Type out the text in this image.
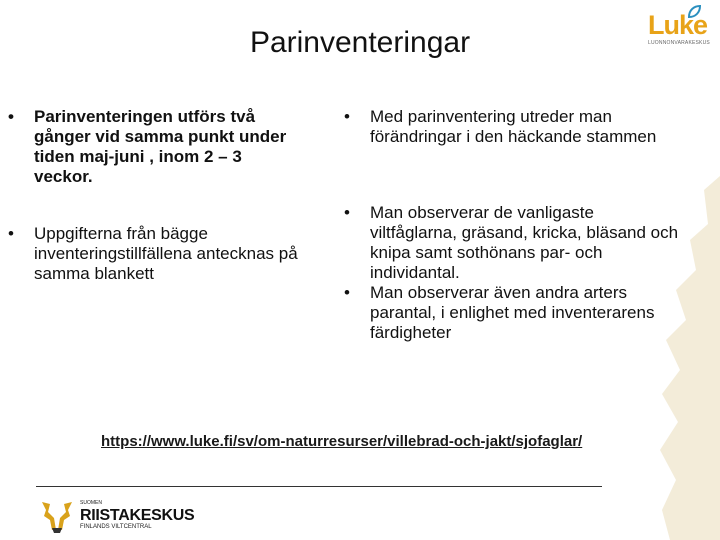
Parinventeringar
Luke
LUONNONVARAKESKUS
• Parinventeringen utförs två gånger vid samma punkt under tiden maj-juni , inom 2 – 3 veckor.
• Uppgifterna från bägge inventeringstillfällena antecknas på samma blankett
• Med parinventering utreder man förändringar i den häckande stammen
• Man observerar de vanligaste viltfåglarna, gräsand, kricka, bläsand och knipa samt sothönans par- och individantal.
• Man observerar även andra arters parantal, i enlighet med inventerarens färdigheter
https://www.luke.fi/sv/om-naturresurser/villebrad-och-jakt/sjofaglar/
SUOMEN
RIISTAKESKUS
FINLANDS VILTCENTRAL
